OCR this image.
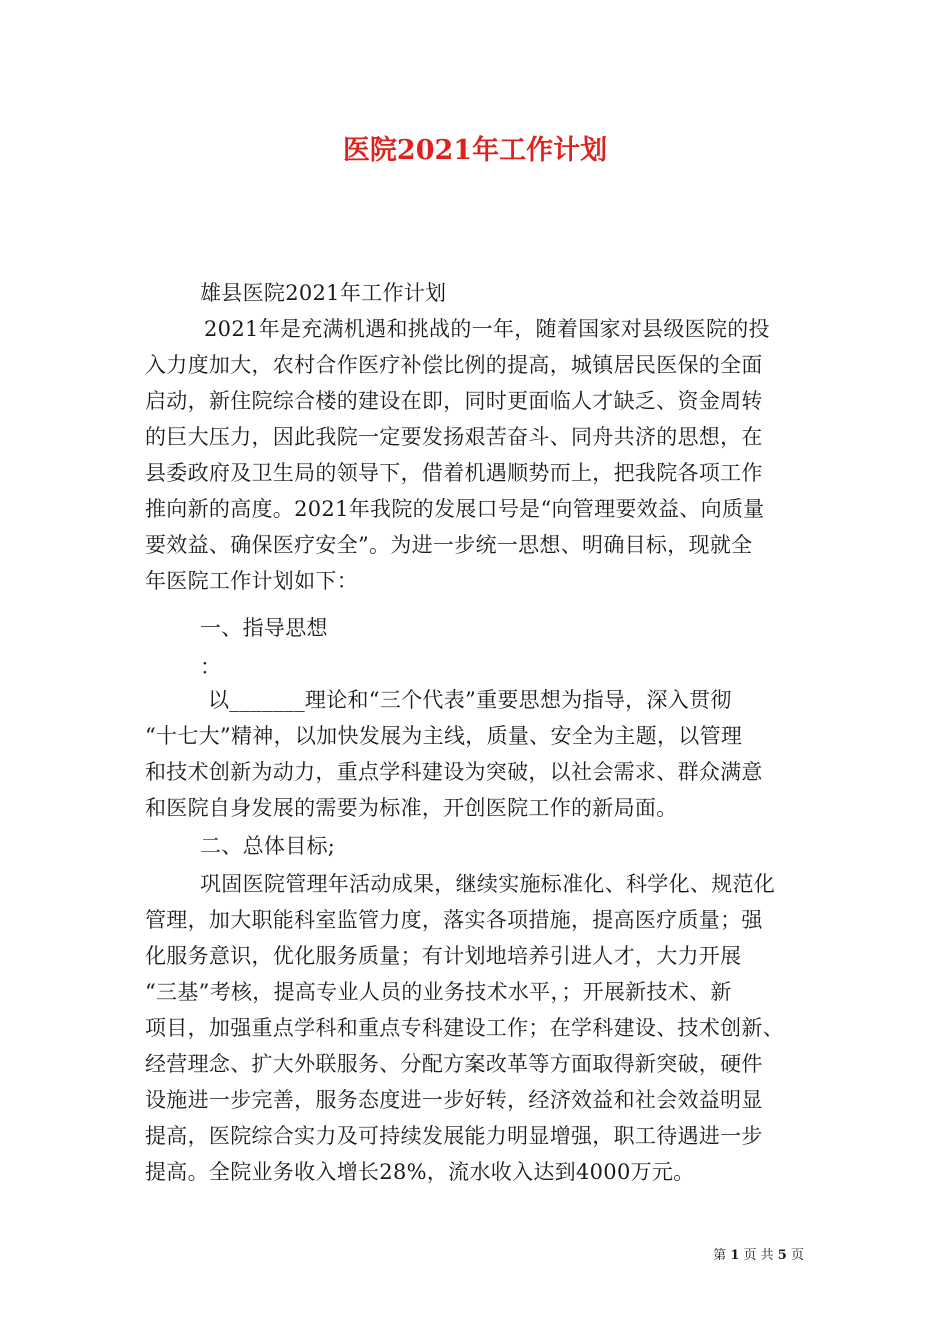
医院2021年工作计划
雄县医院2021年工作计划
2021年是充满机遇和挑战的一年，随着国家对县级医院的投
入力度加大，农村合作医疗补偿比例的提高，城镇居民医保的全面
启动，新住院综合楼的建设在即，同时更面临人才缺乏、资金周转
的巨大压力，因此我院一定要发扬艰苦奋斗、同舟共济的思想，在
县委政府及卫生局的领导下，借着机遇顺势而上，把我院各项工作
推向新的高度。2021年我院的发展口号是“向管理要效益、向质量
要效益、确保医疗安全”。为进一步统一思想、明确目标，现就全
年医院工作计划如下：
一、指导思想
：
以_______理论和“三个代表”重要思想为指导，深入贯彻
“十七大”精神，以加快发展为主线，质量、安全为主题，以管理
和技术创新为动力，重点学科建设为突破，以社会需求、群众满意
和医院自身发展的需要为标准，开创医院工作的新局面。
二、总体目标;
巩固医院管理年活动成果，继续实施标准化、科学化、规范化
管理，加大职能科室监管力度，落实各项措施，提高医疗质量；强
化服务意识，优化服务质量；有计划地培养引进人才，大力开展
“三基”考核，提高专业人员的业务技术水平，；开展新技术、新
项目，加强重点学科和重点专科建设工作；在学科建设、技术创新、
经营理念、扩大外联服务、分配方案改革等方面取得新突破，硬件
设施进一步完善，服务态度进一步好转，经济效益和社会效益明显
提高，医院综合实力及可持续发展能力明显增强，职工待遇进一步
提高。全院业务收入增长28%，流水收入达到4000万元。
第 1 页 共 5 页
